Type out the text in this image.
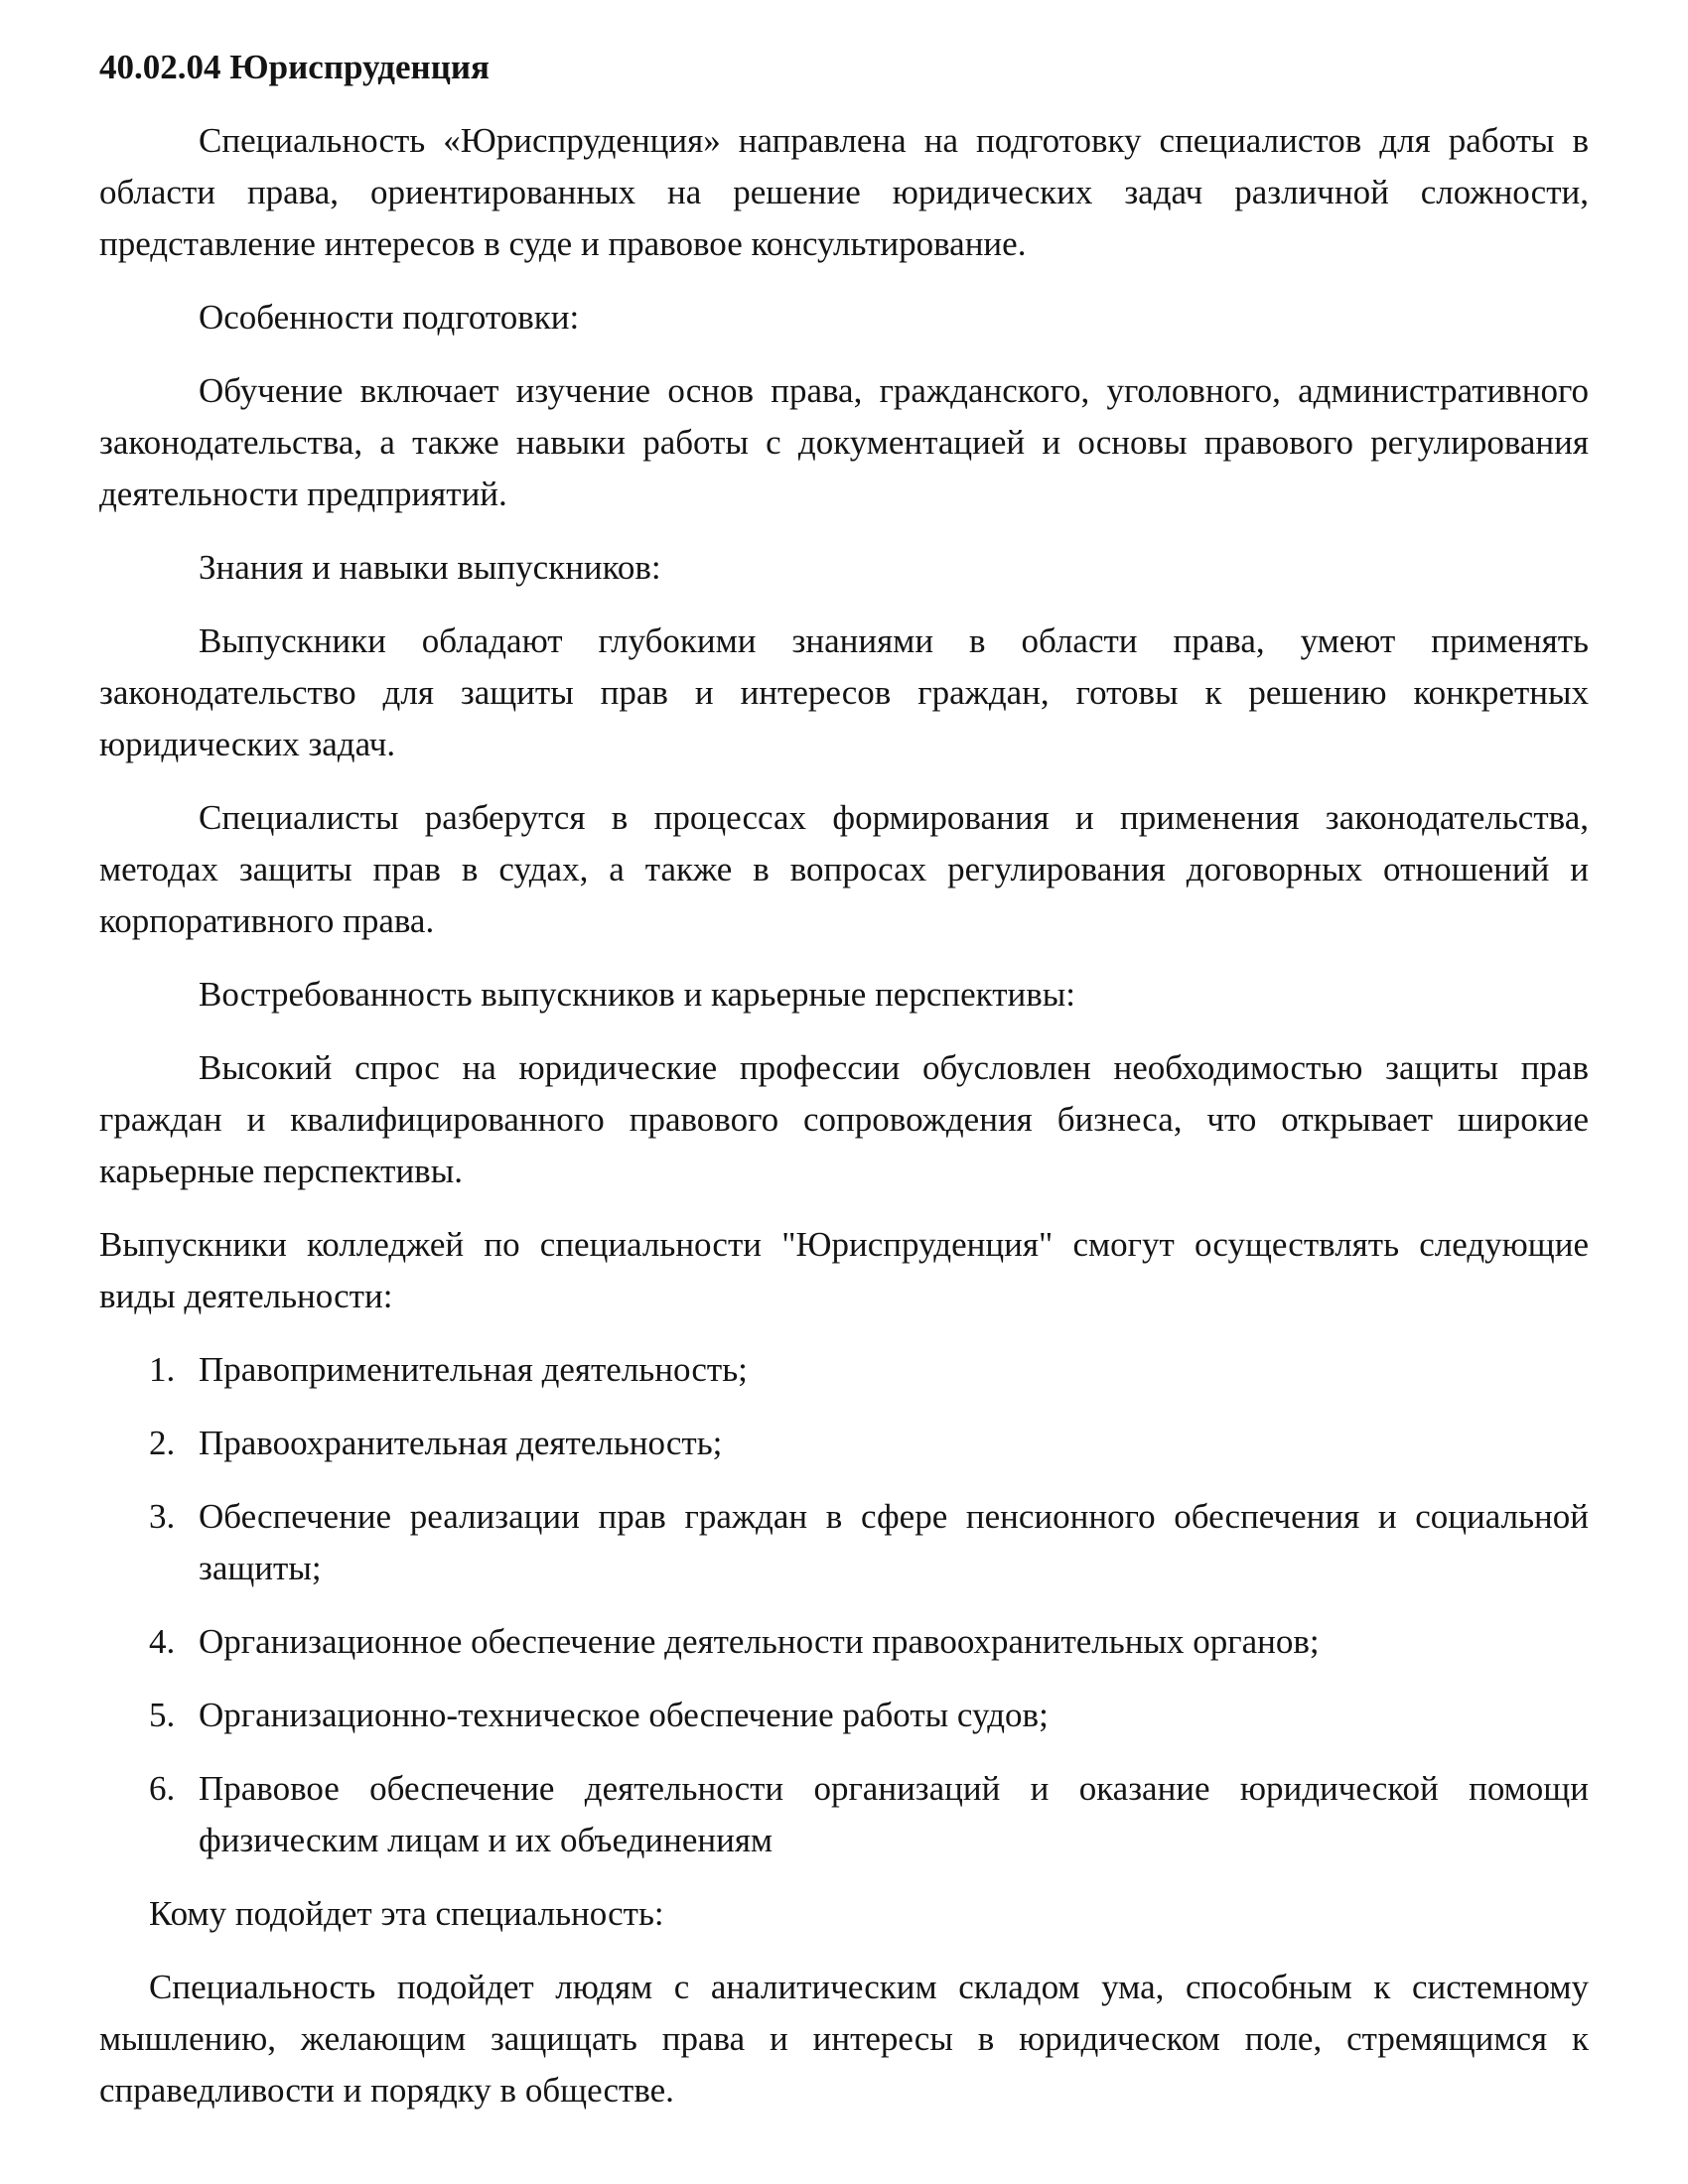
40.02.04 Юриспруденция

Специальность «Юриспруденция» направлена на подготовку специалистов для работы в области права, ориентированных на решение юридических задач различной сложности, представление интересов в суде и правовое консультирование.

Особенности подготовки:

Обучение включает изучение основ права, гражданского, уголовного, административного законодательства, а также навыки работы с документацией и основы правового регулирования деятельности предприятий.

Знания и навыки выпускников:

Выпускники обладают глубокими знаниями в области права, умеют применять законодательство для защиты прав и интересов граждан, готовы к решению конкретных юридических задач.

Специалисты разберутся в процессах формирования и применения законодательства, методах защиты прав в судах, а также в вопросах регулирования договорных отношений и корпоративного права.

Востребованность выпускников и карьерные перспективы:

Высокий спрос на юридические профессии обусловлен необходимостью защиты прав граждан и квалифицированного правового сопровождения бизнеса, что открывает широкие карьерные перспективы.

Выпускники колледжей по специальности "Юриспруденция" смогут осуществлять следующие виды деятельности:

1. Правоприменительная деятельность;
2. Правоохранительная деятельность;
3. Обеспечение реализации прав граждан в сфере пенсионного обеспечения и социальной защиты;
4. Организационное обеспечение деятельности правоохранительных органов;
5. Организационно-техническое обеспечение работы судов;
6. Правовое обеспечение деятельности организаций и оказание юридической помощи физическим лицам и их объединениям

Кому подойдет эта специальность:

Специальность подойдет людям с аналитическим складом ума, способным к системному мышлению, желающим защищать права и интересы в юридическом поле, стремящимся к справедливости и порядку в обществе.
